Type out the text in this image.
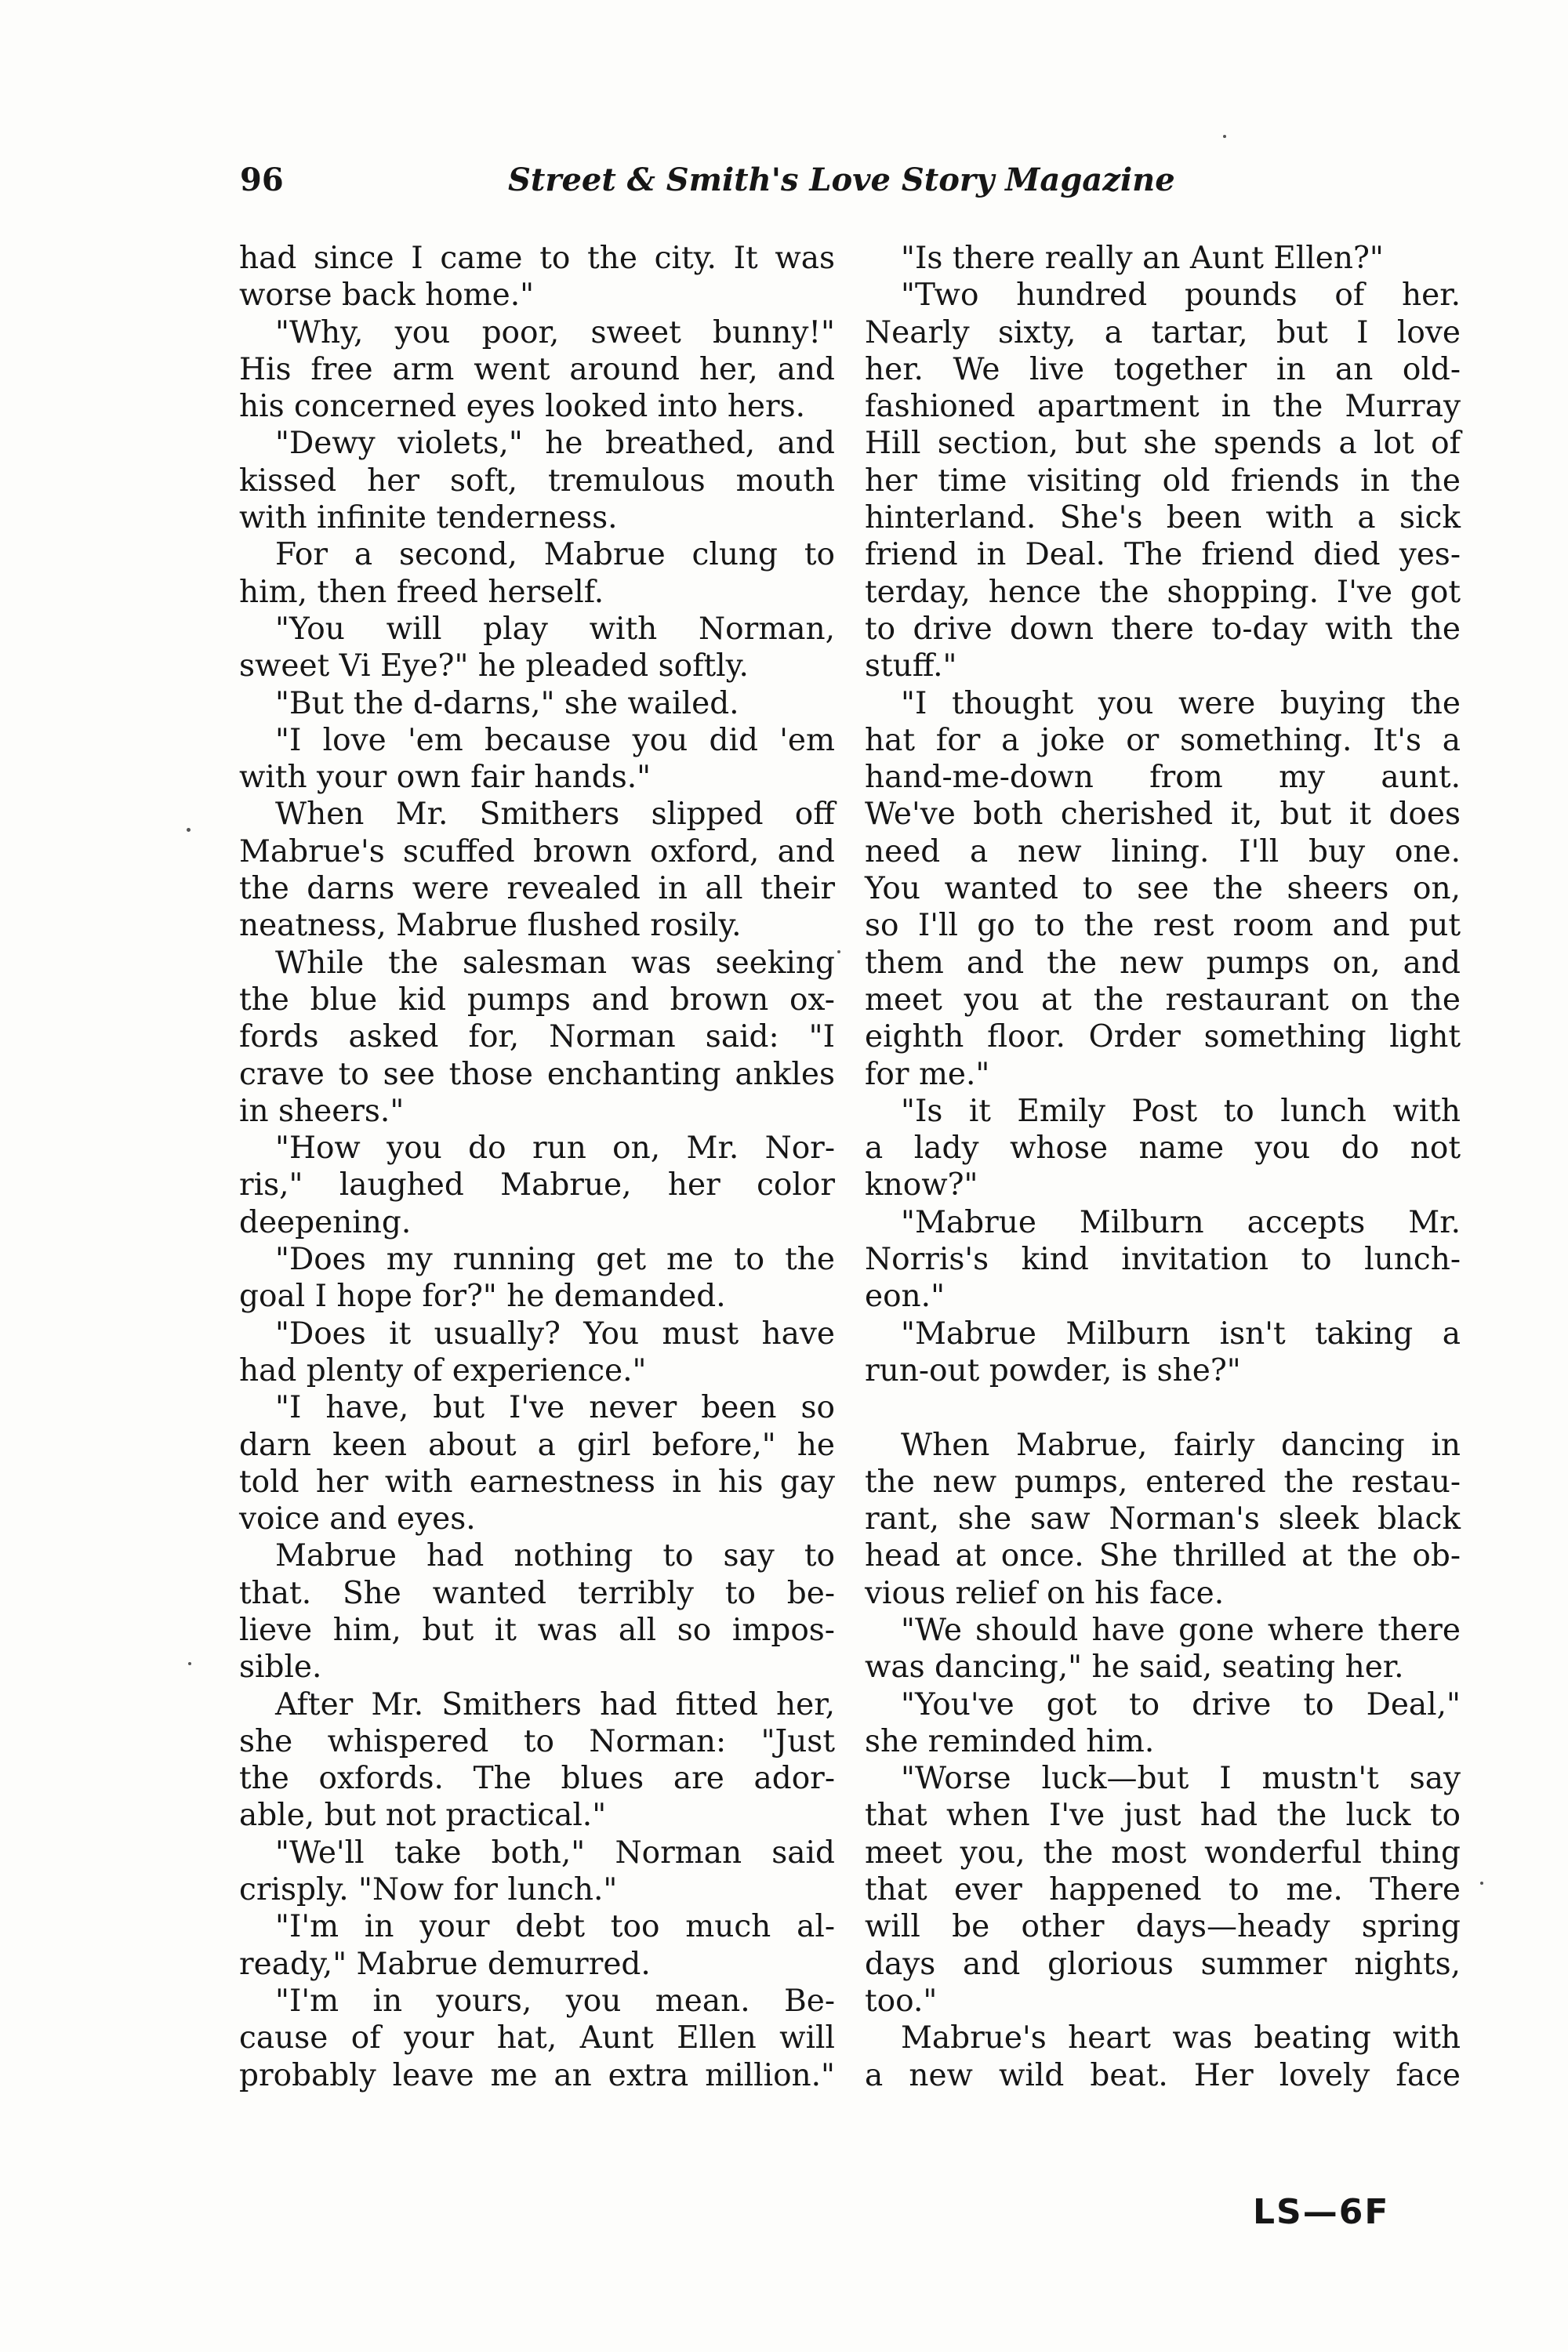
96	Street & Smith's Love Story Magazine
had since I came to the city. It was
worse back home."
"Why, you poor, sweet bunny!"
His free arm went around her, and
his concerned eyes looked into hers.
"Dewy violets," he breathed, and
kissed her soft, tremulous mouth
with infinite tenderness.
For a second, Mabrue clung to
him, then freed herself.
"You will play with Norman,
sweet Vi Eye?" he pleaded softly.
"But the d-darns," she wailed.
"I love 'em because you did 'em
with your own fair hands."
When Mr. Smithers slipped off
Mabrue's scuffed brown oxford, and
the darns were revealed in all their
neatness, Mabrue flushed rosily.
While the salesman was seeking
the blue kid pumps and brown ox-
fords asked for, Norman said: "I
crave to see those enchanting ankles
in sheers."
"How you do run on, Mr. Nor-
ris," laughed Mabrue, her color
deepening.
"Does my running get me to the
goal I hope for?" he demanded.
"Does it usually? You must have
had plenty of experience."
"I have, but I've never been so
darn keen about a girl before," he
told her with earnestness in his gay
voice and eyes.
Mabrue had nothing to say to
that. She wanted terribly to be-
lieve him, but it was all so impos-
sible.
After Mr. Smithers had fitted her,
she whispered to Norman: "Just
the oxfords. The blues are ador-
able, but not practical."
"We'll take both," Norman said
crisply. "Now for lunch."
"I'm in your debt too much al-
ready," Mabrue demurred.
"I'm in yours, you mean. Be-
cause of your hat, Aunt Ellen will
probably leave me an extra million."
"Is there really an Aunt Ellen?"
"Two hundred pounds of her.
Nearly sixty, a tartar, but I love
her. We live together in an old-
fashioned apartment in the Murray
Hill section, but she spends a lot of
her time visiting old friends in the
hinterland. She's been with a sick
friend in Deal. The friend died yes-
terday, hence the shopping. I've got
to drive down there to-day with the
stuff."
"I thought you were buying the
hat for a joke or something. It's a
hand-me-down from my aunt.
We've both cherished it, but it does
need a new lining. I'll buy one.
You wanted to see the sheers on,
so I'll go to the rest room and put
them and the new pumps on, and
meet you at the restaurant on the
eighth floor. Order something light
for me."
"Is it Emily Post to lunch with
a lady whose name you do not
know?"
"Mabrue Milburn accepts Mr.
Norris's kind invitation to lunch-
eon."
"Mabrue Milburn isn't taking a
run-out powder, is she?"
When Mabrue, fairly dancing in
the new pumps, entered the restau-
rant, she saw Norman's sleek black
head at once. She thrilled at the ob-
vious relief on his face.
"We should have gone where there
was dancing," he said, seating her.
"You've got to drive to Deal,"
she reminded him.
"Worse luck—but I mustn't say
that when I've just had the luck to
meet you, the most wonderful thing
that ever happened to me. There
will be other days—heady spring
days and glorious summer nights,
too."
Mabrue's heart was beating with
a new wild beat. Her lovely face
LS—6F
